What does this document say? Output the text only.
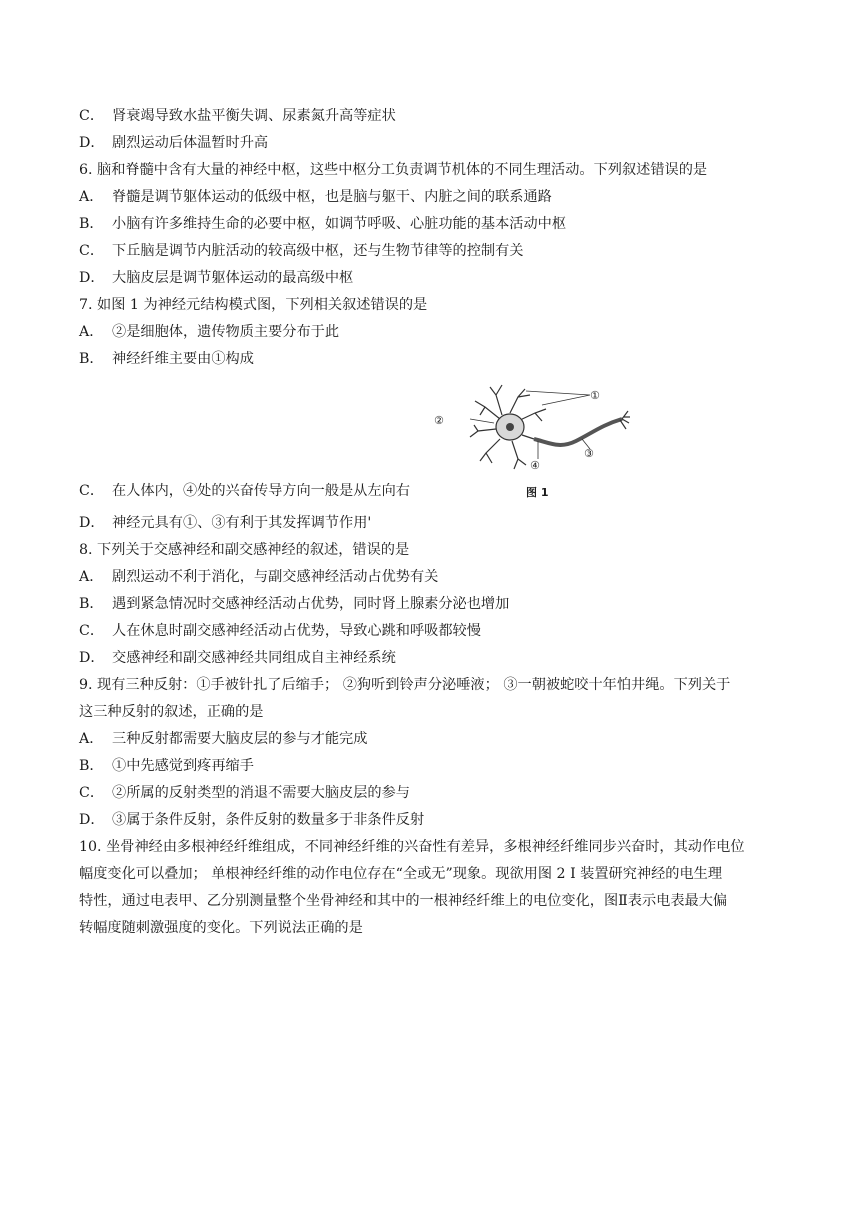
C． 肾衰竭导致水盐平衡失调、尿素氮升高等症状
D． 剧烈运动后体温暂时升高
6. 脑和脊髓中含有大量的神经中枢，这些中枢分工负责调节机体的不同生理活动。下列叙述错误的是
A． 脊髓是调节躯体运动的低级中枢，也是脑与躯干、内脏之间的联系通路
B． 小脑有许多维持生命的必要中枢，如调节呼吸、心脏功能的基本活动中枢
C． 下丘脑是调节内脏活动的较高级中枢，还与生物节律等的控制有关
D． 大脑皮层是调节躯体运动的最高级中枢
7. 如图 1 为神经元结构模式图，下列相关叙述错误的是
A． ②是细胞体，遗传物质主要分布于此
B． 神经纤维主要由①构成
①
②
③
④
图 1
C． 在人体内，④处的兴奋传导方向一般是从左向右
D． 神经元具有①、③有利于其发挥调节作用'
8. 下列关于交感神经和副交感神经的叙述，错误的是
A． 剧烈运动不利于消化，与副交感神经活动占优势有关
B． 遇到紧急情况时交感神经活动占优势，同时肾上腺素分泌也增加
C． 人在休息时副交感神经活动占优势，导致心跳和呼吸都较慢
D． 交感神经和副交感神经共同组成自主神经系统
9. 现有三种反射：①手被针扎了后缩手； ②狗听到铃声分泌唾液； ③一朝被蛇咬十年怕井绳。下列关于
这三种反射的叙述，正确的是
A． 三种反射都需要大脑皮层的参与才能完成
B． ①中先感觉到疼再缩手
C． ②所属的反射类型的消退不需要大脑皮层的参与
D． ③属于条件反射，条件反射的数量多于非条件反射
10. 坐骨神经由多根神经纤维组成，不同神经纤维的兴奋性有差异，多根神经纤维同步兴奋时，其动作电位
幅度变化可以叠加； 单根神经纤维的动作电位存在“全或无”现象。现欲用图 2 Ⅰ 装置研究神经的电生理
特性，通过电表甲、乙分别测量整个坐骨神经和其中的一根神经纤维上的电位变化，图Ⅱ表示电表最大偏
转幅度随刺激强度的变化。下列说法正确的是
